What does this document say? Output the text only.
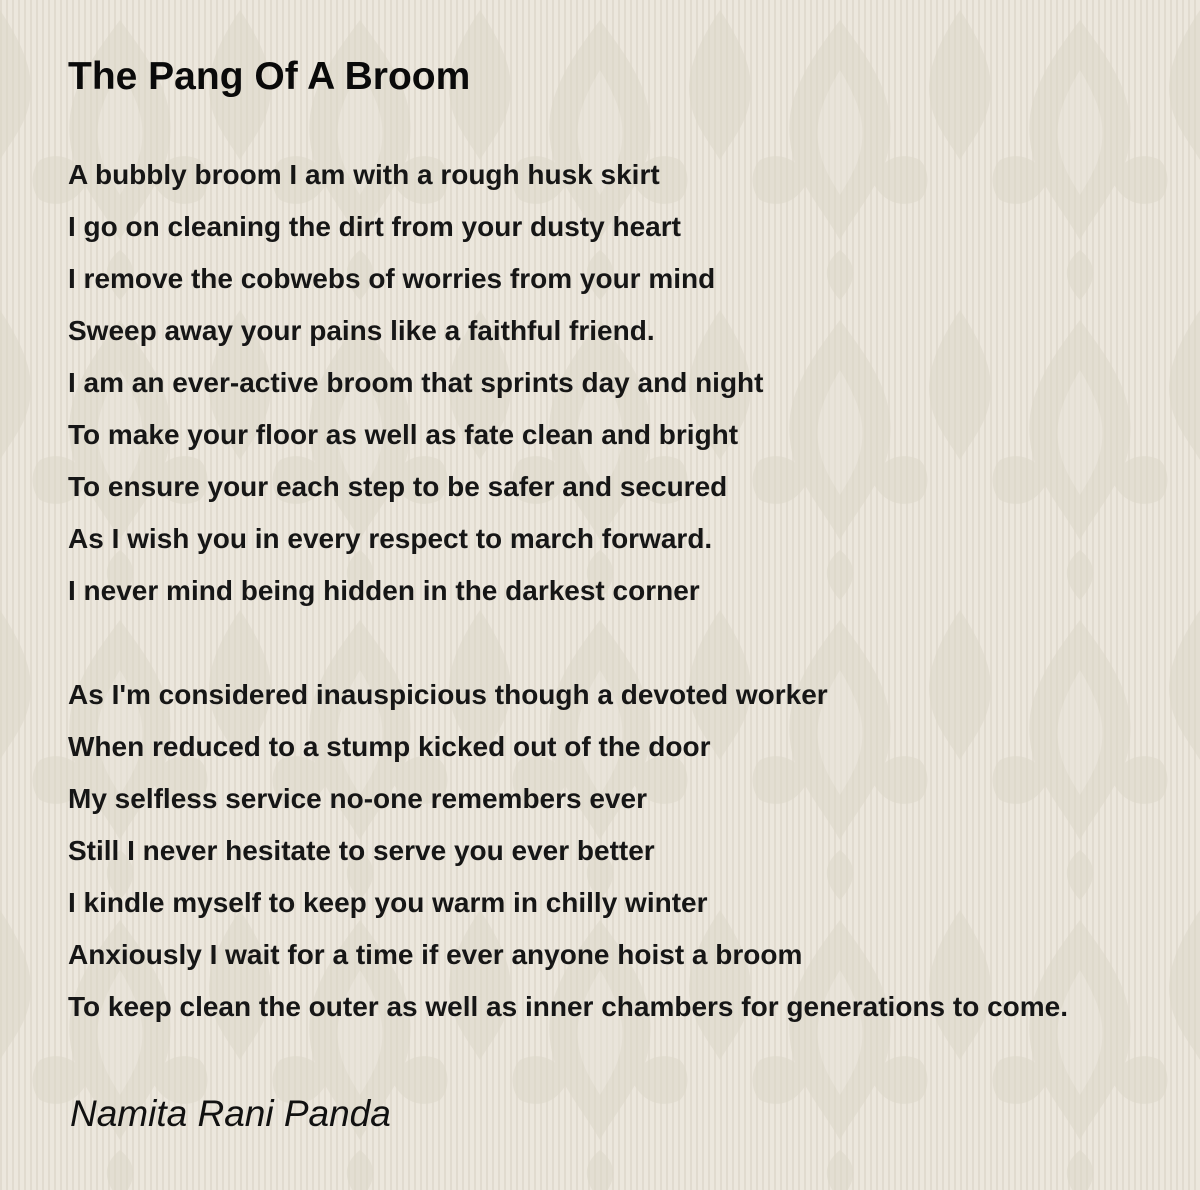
The Pang Of A Broom

A bubbly broom I am with a rough husk skirt
I go on cleaning the dirt from your dusty heart
I remove the cobwebs of worries from your mind
Sweep away your pains like a faithful friend.
I am an ever-active broom that sprints day and night
To make your floor as well as fate clean and bright
To ensure your each step to be safer and secured
As I wish you in every respect to march forward.
I never mind being hidden in the darkest corner

As I'm considered inauspicious though a devoted worker
When reduced to a stump kicked out of the door
My selfless service no-one remembers ever
Still I never hesitate to serve you ever better
I kindle myself to keep you warm in chilly winter
Anxiously I wait for a time if ever anyone hoist a broom
To keep clean the outer as well as inner chambers for generations to come.

Namita Rani Panda
